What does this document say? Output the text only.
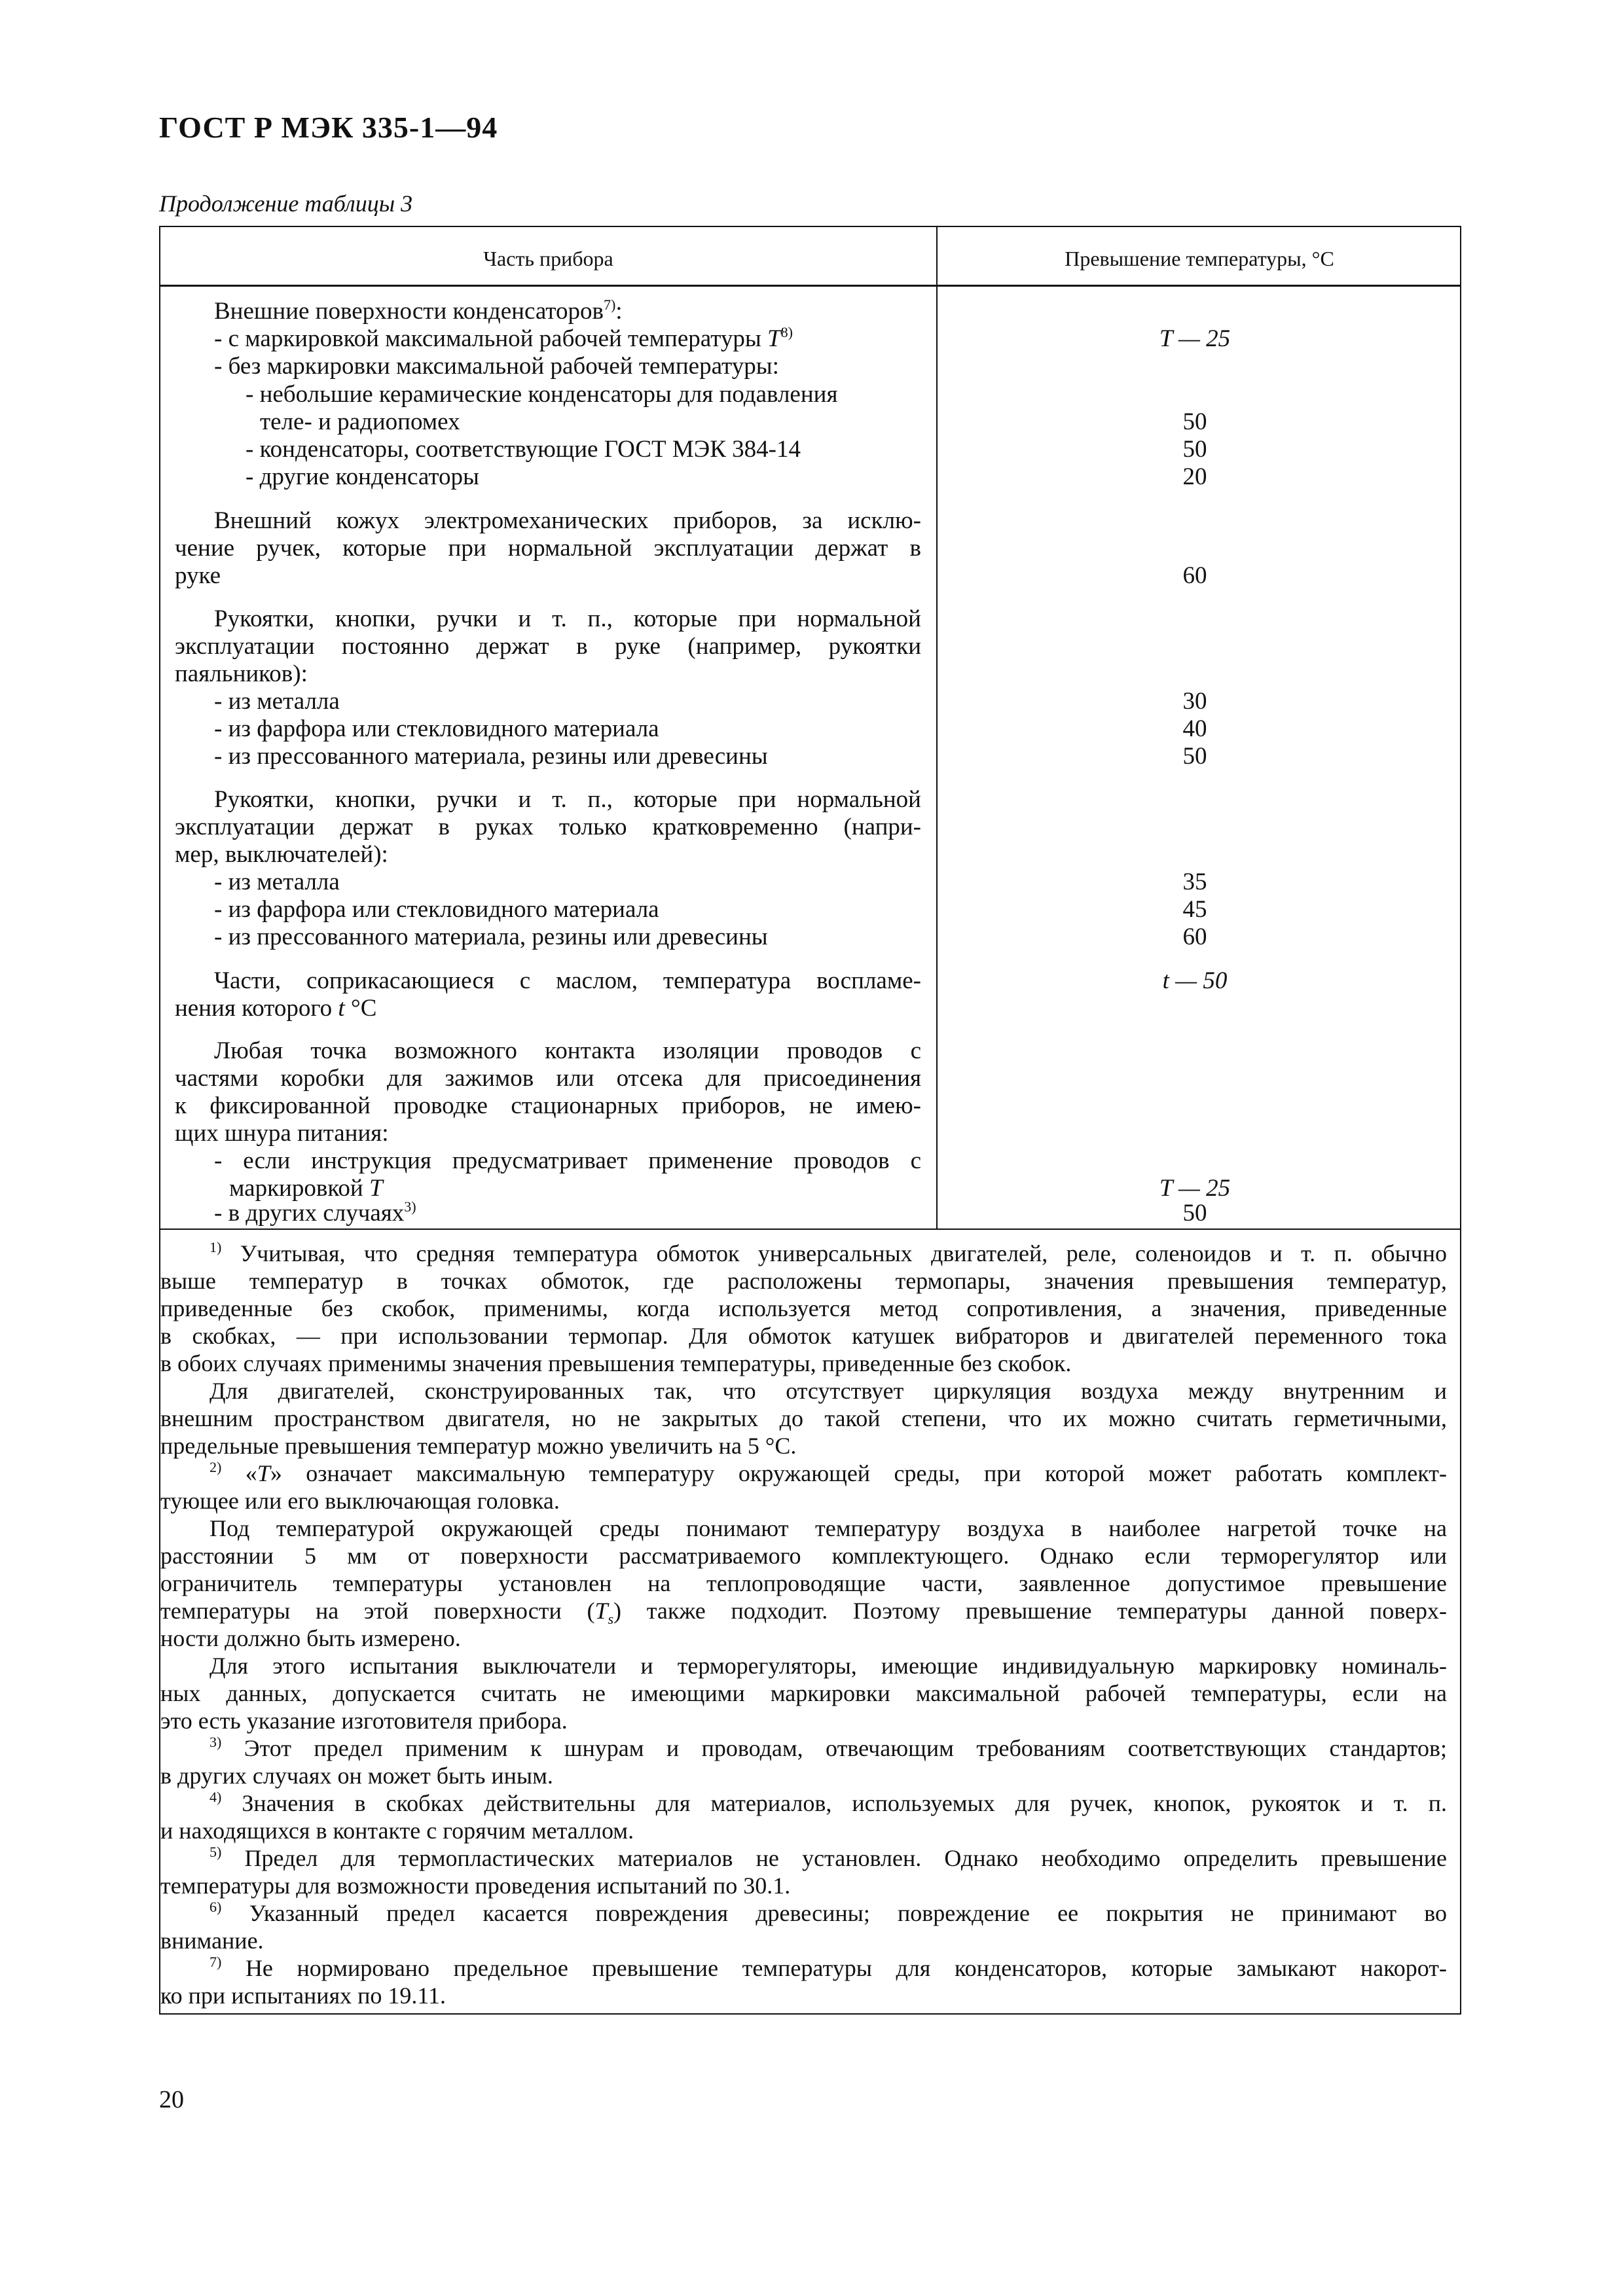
ГОСТ Р МЭК 335-1—94
Продолжение таблицы 3
Часть прибора	Превышение температуры, °С
Внешние поверхности конденсаторов$^{7)}$:
- с маркировкой максимальной рабочей температуры $T^{8)}$
- без маркировки максимальной рабочей температуры:
- небольшие керамические конденсаторы для подавления
теле- и радиопомех
- конденсаторы, соответствующие ГОСТ МЭК 384-14
- другие конденсаторы
T — 25
50
50
20
Внешний кожух электромеханических приборов, за исклю-
чение ручек, которые при нормальной эксплуатации держат в
руке	60
Рукоятки, кнопки, ручки и т. п., которые при нормальной
эксплуатации постоянно держат в руке (например, рукоятки
паяльников):
- из металла
- из фарфора или стекловидного материала
- из прессованного материала, резины или древесины
30
40
50
Рукоятки, кнопки, ручки и т. п., которые при нормальной
эксплуатации держат в руках только кратковременно (напри-
мер, выключателей):
- из металла
- из фарфора или стекловидного материала
- из прессованного материала, резины или древесины
35
45
60
Части, соприкасающиеся с маслом, температура воспламе-
нения которого t °С
t — 50
Любая точка возможного контакта изоляции проводов с
частями коробки для зажимов или отсека для присоединения
к фиксированной проводке стационарных приборов, не имею-
щих шнура питания:
- если инструкция предусматривает применение проводов с
маркировкой T
- в других случаях$^{3)}$
T — 25
50
$^{1)}$ Учитывая, что средняя температура обмоток универсальных двигателей, реле, соленоидов и т. п. обычно
выше температур в точках обмоток, где расположены термопары, значения превышения температур,
приведенные без скобок, применимы, когда используется метод сопротивления, а значения, приведенные
в скобках, — при использовании термопар. Для обмоток катушек вибраторов и двигателей переменного тока
в обоих случаях применимы значения превышения температуры, приведенные без скобок.
Для двигателей, сконструированных так, что отсутствует циркуляция воздуха между внутренним и
внешним пространством двигателя, но не закрытых до такой степени, что их можно считать герметичными,
предельные превышения температур можно увеличить на 5 °С.
$^{2)}$ «T» означает максимальную температуру окружающей среды, при которой может работать комплект-
тующее или его выключающая головка.
Под температурой окружающей среды понимают температуру воздуха в наиболее нагретой точке на
расстоянии 5 мм от поверхности рассматриваемого комплектующего. Однако если терморегулятор или
ограничитель температуры установлен на теплопроводящие части, заявленное допустимое превышение
температуры на этой поверхности $(T_s)$ также подходит. Поэтому превышение температуры данной поверх-
ности должно быть измерено.
Для этого испытания выключатели и терморегуляторы, имеющие индивидуальную маркировку номиналь-
ных данных, допускается считать не имеющими маркировки максимальной рабочей температуры, если на
это есть указание изготовителя прибора.
$^{3)}$ Этот предел применим к шнурам и проводам, отвечающим требованиям соответствующих стандартов;
в других случаях он может быть иным.
$^{4)}$ Значения в скобках действительны для материалов, используемых для ручек, кнопок, рукояток и т. п.
и находящихся в контакте с горячим металлом.
$^{5)}$ Предел для термопластических материалов не установлен. Однако необходимо определить превышение
температуры для возможности проведения испытаний по 30.1.
$^{6)}$ Указанный предел касается повреждения древесины; повреждение ее покрытия не принимают во
внимание.
$^{7)}$ Не нормировано предельное превышение температуры для конденсаторов, которые замыкают накорот-
ко при испытаниях по 19.11.
20
